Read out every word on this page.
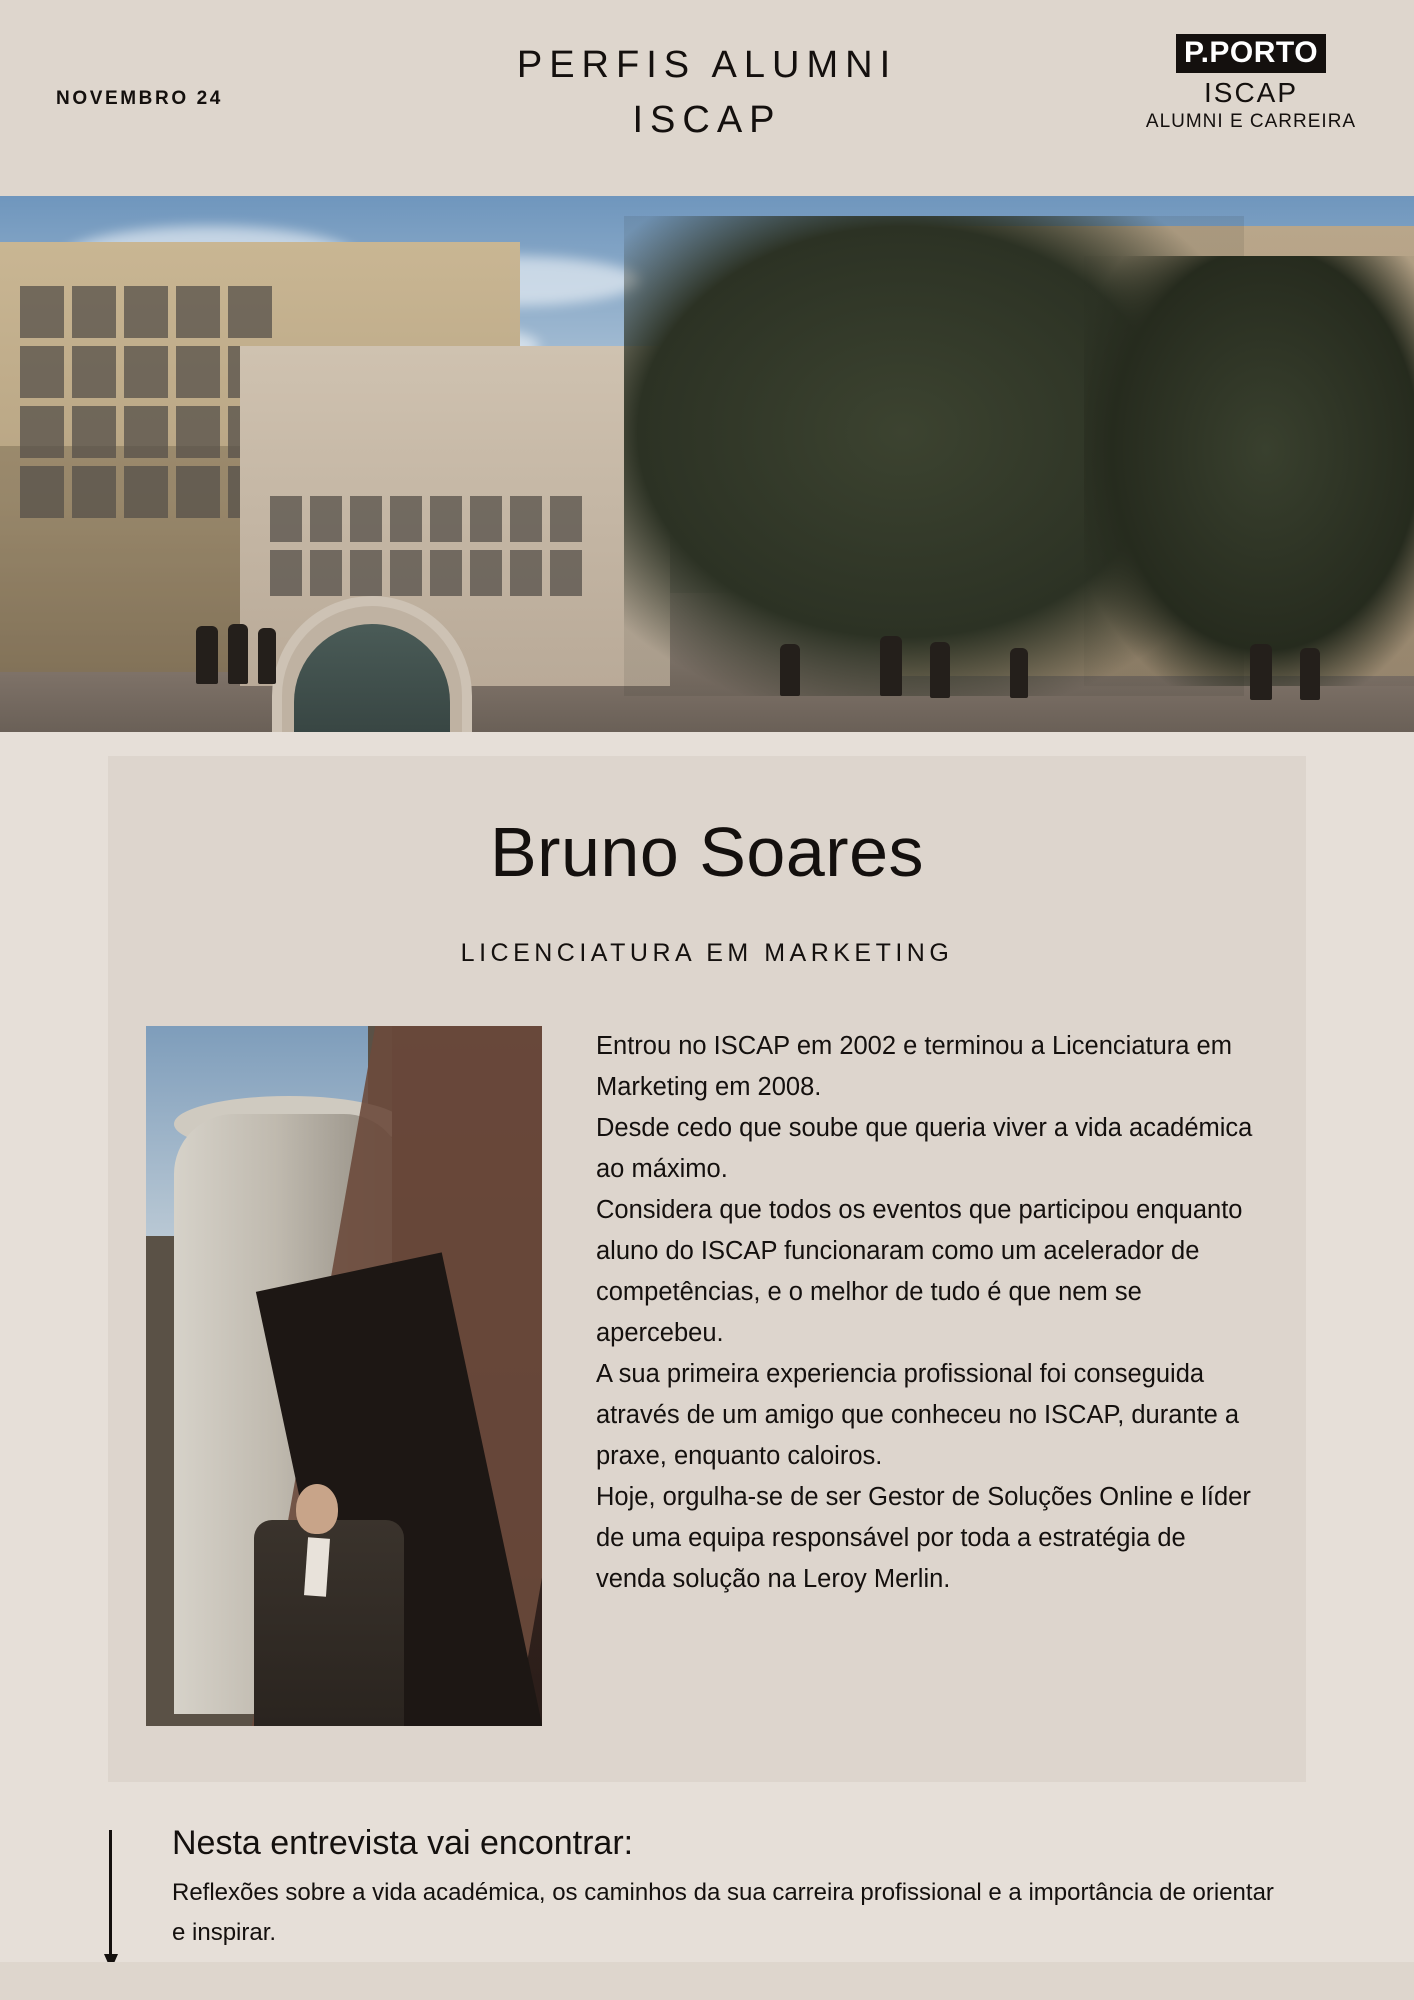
NOVEMBRO 24
PERFIS ALUMNI
ISCAP
P.PORTO
ISCAP
ALUMNI E CARREIRA
Bruno Soares
LICENCIATURA EM MARKETING

Entrou no ISCAP em 2002 e terminou a Licenciatura em Marketing em 2008.

Desde cedo que soube que queria viver a vida académica ao máximo.

Considera que todos os eventos que participou enquanto aluno do ISCAP funcionaram como um acelerador de competências, e o melhor de tudo é que nem se apercebeu.

A sua primeira experiencia profissional foi conseguida através de um amigo que conheceu no ISCAP, durante a praxe, enquanto caloiros.

Hoje, orgulha-se de ser Gestor de Soluções Online e líder de uma equipa responsável por toda a estratégia de venda solução na Leroy Merlin.

Nesta entrevista vai encontrar:

Reflexões sobre a vida académica, os caminhos da sua carreira profissional e a importância de orientar e inspirar.
